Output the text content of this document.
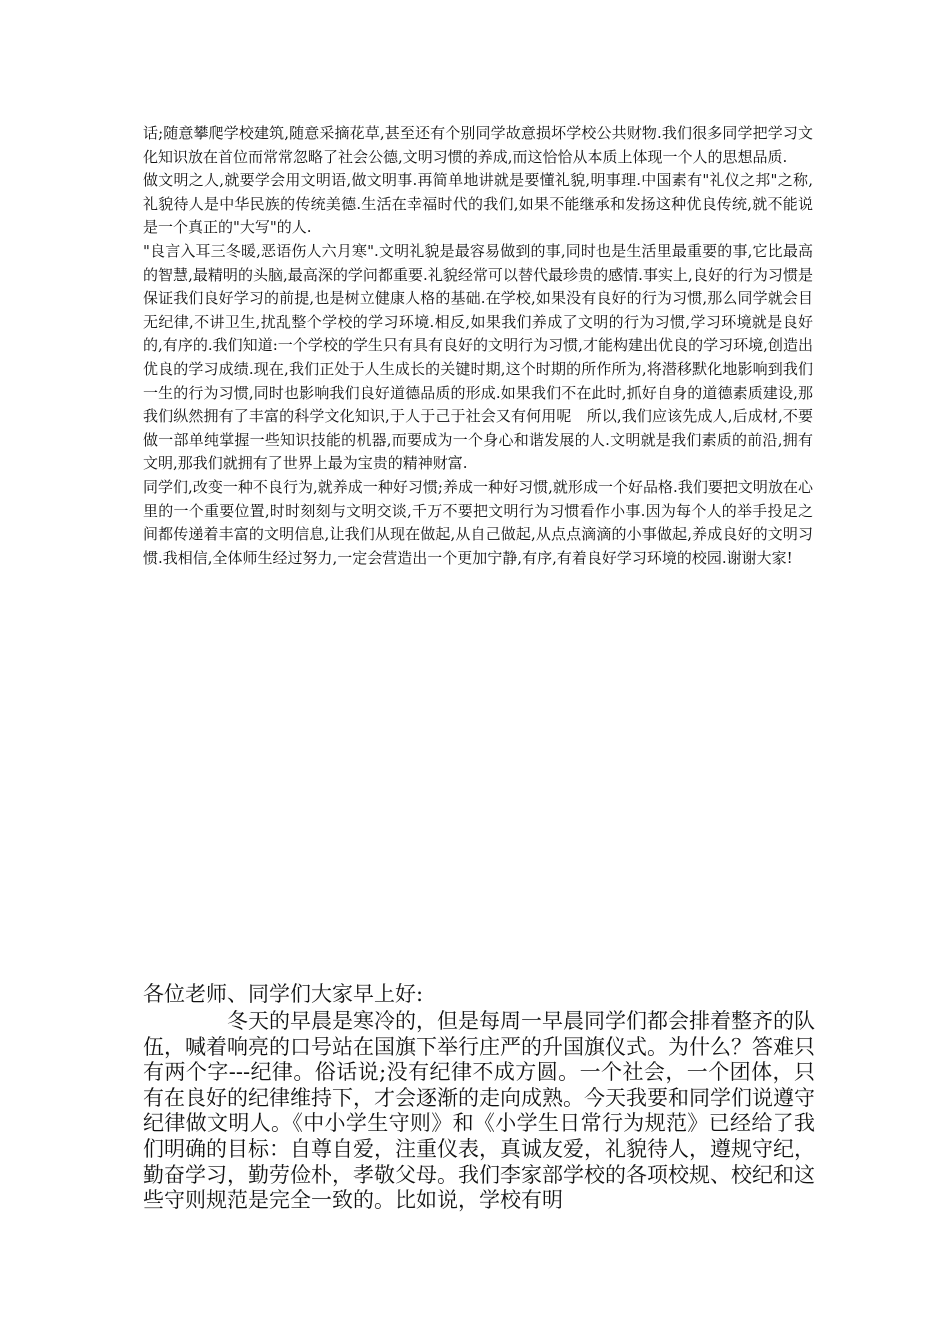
话;随意攀爬学校建筑,随意采摘花草,甚至还有个别同学故意损坏学校公共财物.我们很多同学把学习文化知识放在首位而常常忽略了社会公德,文明习惯的养成,而这恰恰从本质上体现一个人的思想品质.

做文明之人,就要学会用文明语,做文明事.再简单地讲就是要懂礼貌,明事理.中国素有"礼仪之邦"之称,礼貌待人是中华民族的传统美德.生活在幸福时代的我们,如果不能继承和发扬这种优良传统,就不能说是一个真正的"大写"的人.

"良言入耳三冬暖,恶语伤人六月寒".文明礼貌是最容易做到的事,同时也是生活里最重要的事,它比最高的智慧,最精明的头脑,最高深的学问都重要.礼貌经常可以替代最珍贵的感情.事实上,良好的行为习惯是保证我们良好学习的前提,也是树立健康人格的基础.在学校,如果没有良好的行为习惯,那么同学就会目无纪律,不讲卫生,扰乱整个学校的学习环境.相反,如果我们养成了文明的行为习惯,学习环境就是良好的,有序的.我们知道:一个学校的学生只有具有良好的文明行为习惯,才能构建出优良的学习环境,创造出优良的学习成绩.现在,我们正处于人生成长的关键时期,这个时期的所作所为,将潜移默化地影响到我们一生的行为习惯,同时也影响我们良好道德品质的形成.如果我们不在此时,抓好自身的道德素质建设,那我们纵然拥有了丰富的科学文化知识,于人于己于社会又有何用呢　所以,我们应该先成人,后成材,不要做一部单纯掌握一些知识技能的机器,而要成为一个身心和谐发展的人.文明就是我们素质的前沿,拥有文明,那我们就拥有了世界上最为宝贵的精神财富.

同学们,改变一种不良行为,就养成一种好习惯;养成一种好习惯,就形成一个好品格.我们要把文明放在心里的一个重要位置,时时刻刻与文明交谈,千万不要把文明行为习惯看作小事.因为每个人的举手投足之间都传递着丰富的文明信息,让我们从现在做起,从自己做起,从点点滴滴的小事做起,养成良好的文明习惯.我相信,全体师生经过努力,一定会营造出一个更加宁静,有序,有着良好学习环境的校园.谢谢大家!

各位老师、同学们大家早上好:

冬天的早晨是寒冷的，但是每周一早晨同学们都会排着整齐的队伍，喊着响亮的口号站在国旗下举行庄严的升国旗仪式。为什么？答难只有两个字---纪律。俗话说;没有纪律不成方圆。一个社会，一个团体，只有在良好的纪律维持下，才会逐渐的走向成熟。今天我要和同学们说遵守纪律做文明人。《中小学生守则》和《小学生日常行为规范》已经给了我们明确的目标：自尊自爱，注重仪表，真诚友爱，礼貌待人，遵规守纪，勤奋学习，勤劳俭朴，孝敬父母。我们李家部学校的各项校规、校纪和这些守则规范是完全一致的。比如说，学校有明
